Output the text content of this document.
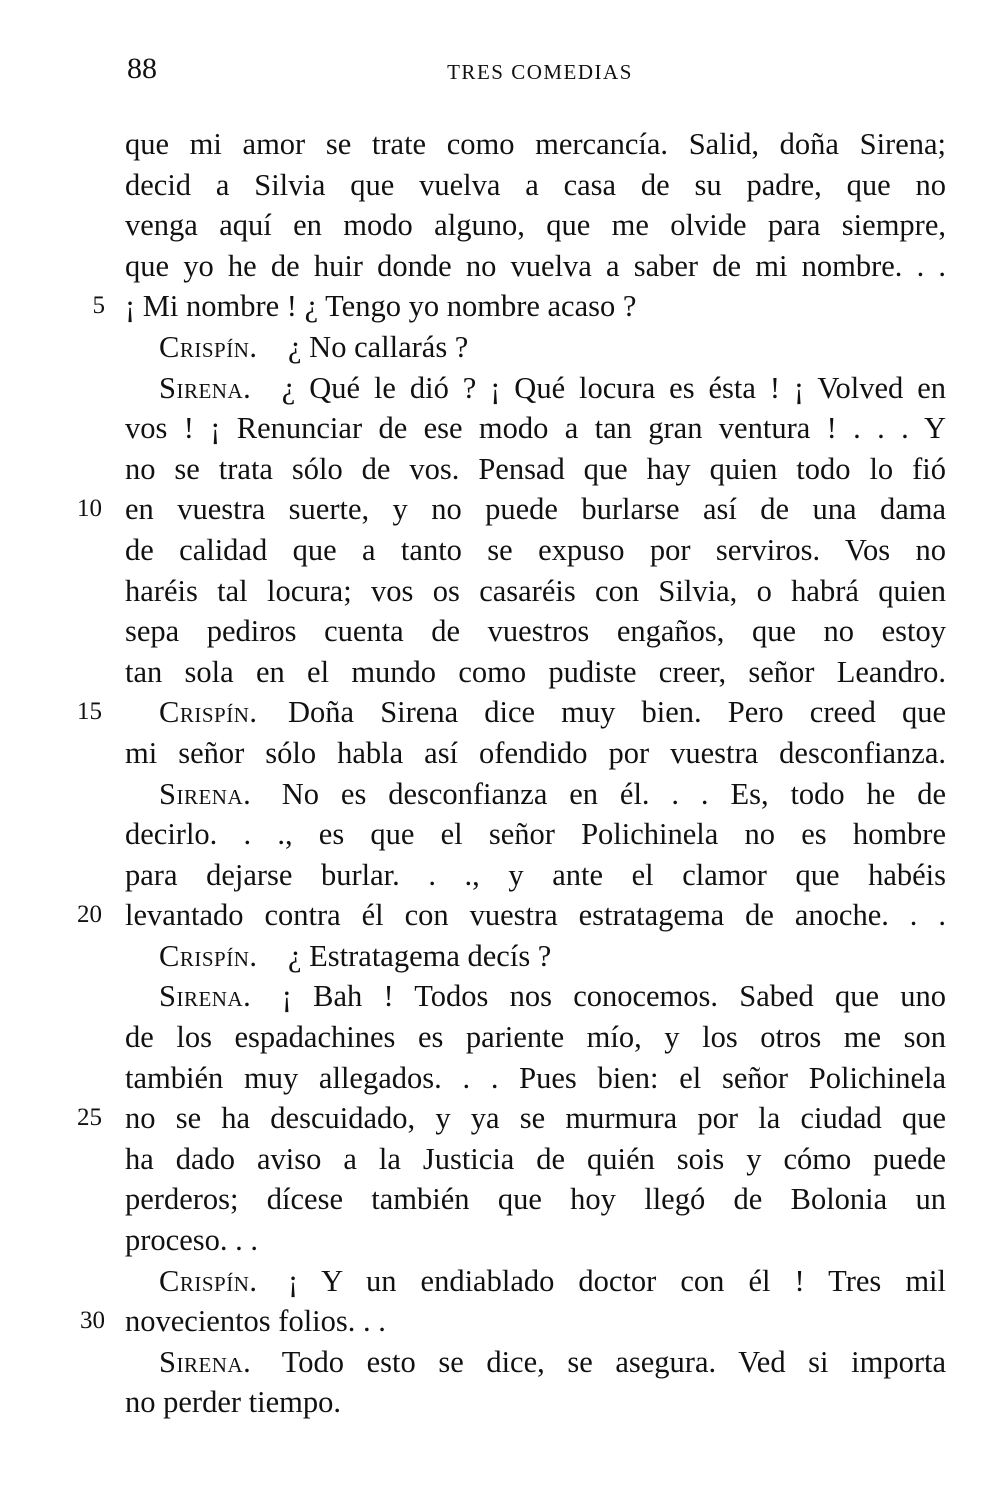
88	TRES COMEDIAS
que mi amor se trate como mercancía. Salid, doña Sirena;
decid a Silvia que vuelva a casa de su padre, que no
venga aquí en modo alguno, que me olvide para siempre,
que yo he de huir donde no vuelva a saber de mi nombre. . .
5 ¡ Mi nombre ! ¿ Tengo yo nombre acaso ?
Crispín.  ¿ No callarás ?
Sirena.  ¿ Qué le dió ? ¡ Qué locura es ésta ! ¡ Volved en
vos ! ¡ Renunciar de ese modo a tan gran ventura ! . . . Y
no se trata sólo de vos. Pensad que hay quien todo lo fió
10 en vuestra suerte, y no puede burlarse así de una dama
de calidad que a tanto se expuso por serviros. Vos no
haréis tal locura; vos os casaréis con Silvia, o habrá quien
sepa pediros cuenta de vuestros engaños, que no estoy
tan sola en el mundo como pudiste creer, señor Leandro.
15 Crispín.  Doña Sirena dice muy bien. Pero creed que
mi señor sólo habla así ofendido por vuestra desconfianza.
Sirena.  No es desconfianza en él. . . Es, todo he de
decirlo. . ., es que el señor Polichinela no es hombre
para dejarse burlar. . ., y ante el clamor que habéis
20 levantado contra él con vuestra estratagema de anoche. . .
Crispín.  ¿ Estratagema decís ?
Sirena.  ¡ Bah ! Todos nos conocemos. Sabed que uno
de los espadachines es pariente mío, y los otros me son
también muy allegados. . . Pues bien: el señor Polichinela
25 no se ha descuidado, y ya se murmura por la ciudad que
ha dado aviso a la Justicia de quién sois y cómo puede
perderos; dícese también que hoy llegó de Bolonia un
proceso. . .
Crispín.  ¡ Y un endiablado doctor con él ! Tres mil
30 novecientos folios. . .
Sirena.  Todo esto se dice, se asegura. Ved si importa
no perder tiempo.
